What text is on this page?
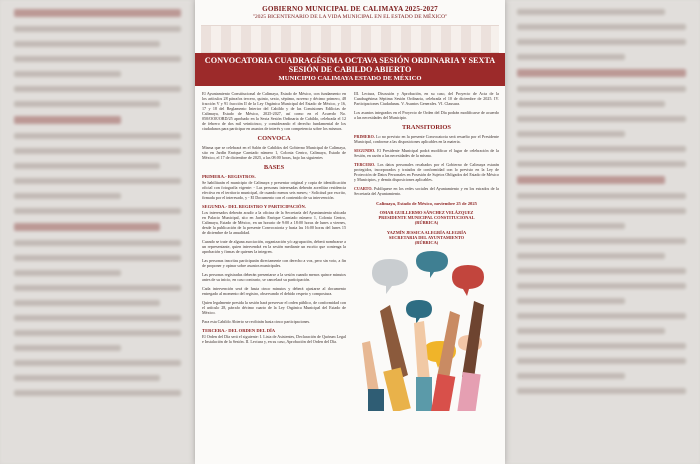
GOBIERNO MUNICIPAL DE CALIMAYA 2025-2027
"2025 BICENTENARIO DE LA VIDA MUNICIPAL EN EL ESTADO DE MÉXICO"
CONVOCATORIA CUADRAGÉSIMA OCTAVA SESIÓN ORDINARIA Y SEXTA SESIÓN DE CABILDO ABIERTO
MUNICIPIO CALIMAYA ESTADO DE MÉXICO

El Ayuntamiento Constitucional de Calimaya, Estado de México, con fundamento en los artículos 28 párrafos tercero, quinto, sexto, séptimo, noveno y décimo primero, 48 fracción V y 91 fracción II de la Ley Orgánica Municipal del Estado de México, y 16, 17 y 18 del Reglamento Interior del Cabildo y de las Comisiones Edilicias de Calimaya, Estado de México, 2025-2027, así como en el Acuerdo No. 050/OOE/ORD/25 aprobado en la Sexta Sesión Ordinaria de Cabildo, celebrada el 12 de febrero de dos mil veinticinco, y considerando el derecho fundamental de los ciudadanos para participar en asuntos de interés y con competencia sobre los mismos.

CONVOCA

Misma que se celebrará en el Salón de Cabildos del Gobierno Municipal de Calimaya, sito en Jardín Enrique Carniado número 1, Colonia Centro, Calimaya, Estado de México, el 17 de diciembre de 2025, a las 08:00 horas, bajo las siguientes

BASES
PRIMERA.- REGISTROS.

Se habilitarán el municipio de Calimaya y presentar original y copia de identificación oficial con fotografía vigente: - Las personas interesadas deberán acreditar residencia efectiva en el territorio municipal, de cuando menos seis meses; - Solicitud por escrito, firmada por el interesado, y - El Documento con el contenido de su intervención.

SEGUNDA.- DEL REGISTRO Y PARTICIPACIÓN.

Los interesados deberán acudir a la oficina de la Secretaría del Ayuntamiento ubicada en Palacio Municipal, sito en Jardín Enrique Carniado número 1, Colonia Centro, Calimaya, Estado de México, en un horario de 9:00 a 18:00 horas de lunes a viernes, desde la publicación de la presente Convocatoria y hasta las 16:00 horas del lunes 15 de diciembre de la anualidad.

Cuando se trate de alguna asociación, organización y/o agrupación, deberá nombrarse a un representante, quien intervendrá en la sesión mediante un escrito que contenga la aprobación y firmas de quienes la integren.

Las personas inscritas participarán directamente con derecho a voz, pero sin voto, a fin de proponer y opinar sobre asuntos municipales.

Las personas registradas deberán presentarse a la sesión cuando menos quince minutos antes de su inicio, en caso contrario, se cancelará su participación.

Cada intervención será de hasta cinco minutos y deberá ajustarse al documento entregado al momento del registro, observando el debido respeto y compostura.

Quien legalmente presida la sesión hará preservar el orden público, de conformidad con el artículo 28, párrafo décimo cuarto de la Ley Orgánica Municipal del Estado de México.

Para esta Cabildo Abierto se recibirán hasta cinco participaciones.

TERCERA.- DEL ORDEN DEL DÍA

El Orden del Día será el siguiente: I. Lista de Asistentes, Declaración de Quórum Legal e Instalación de la Sesión. II. Lectura y, en su caso, Aprobación del Orden del Día.

III. Lectura, Discusión y Aprobación, en su caso, del Proyecto de Acta de la Cuadragésima Séptima Sesión Ordinaria, celebrada el 10 de diciembre de 2025. IV. Participaciones Ciudadanas. V. Asuntos Generales. VI. Clausura.

Los asuntos integrados en el Proyecto de Orden del Día podrán modificarse de acuerdo a las necesidades del Municipio.

TRANSITORIOS

PRIMERO. Lo no previsto en la presente Convocatoria será resuelto por el Presidente Municipal, conforme a las disposiciones aplicables en la materia.

SEGUNDO. El Presidente Municipal podrá modificar el lugar de celebración de la Sesión, en razón a las necesidades de la misma.

TERCERO. Los datos personales recabados por el Gobierno de Calimaya estarán protegidos, incorporados y tratados de conformidad con lo previsto en la Ley de Protección de Datos Personales en Posesión de Sujetos Obligados del Estado de México y Municipios, y demás disposiciones aplicables.

CUARTO. Publíquese en los redes sociales del Ayuntamiento y en los estrados de la Secretaría del Ayuntamiento.

Calimaya, Estado de México, noviembre 25 de 2025
OMAR GUILLERMO SÁNCHEZ VELÁZQUEZ
PRESIDENTE MUNICIPAL CONSTITUCIONAL
(RÚBRICA)
YAZMÍN JESSICA ALEGRÍA ALEGRÍA
SECRETARIA DEL AYUNTAMIENTO
(RÚBRICA)
